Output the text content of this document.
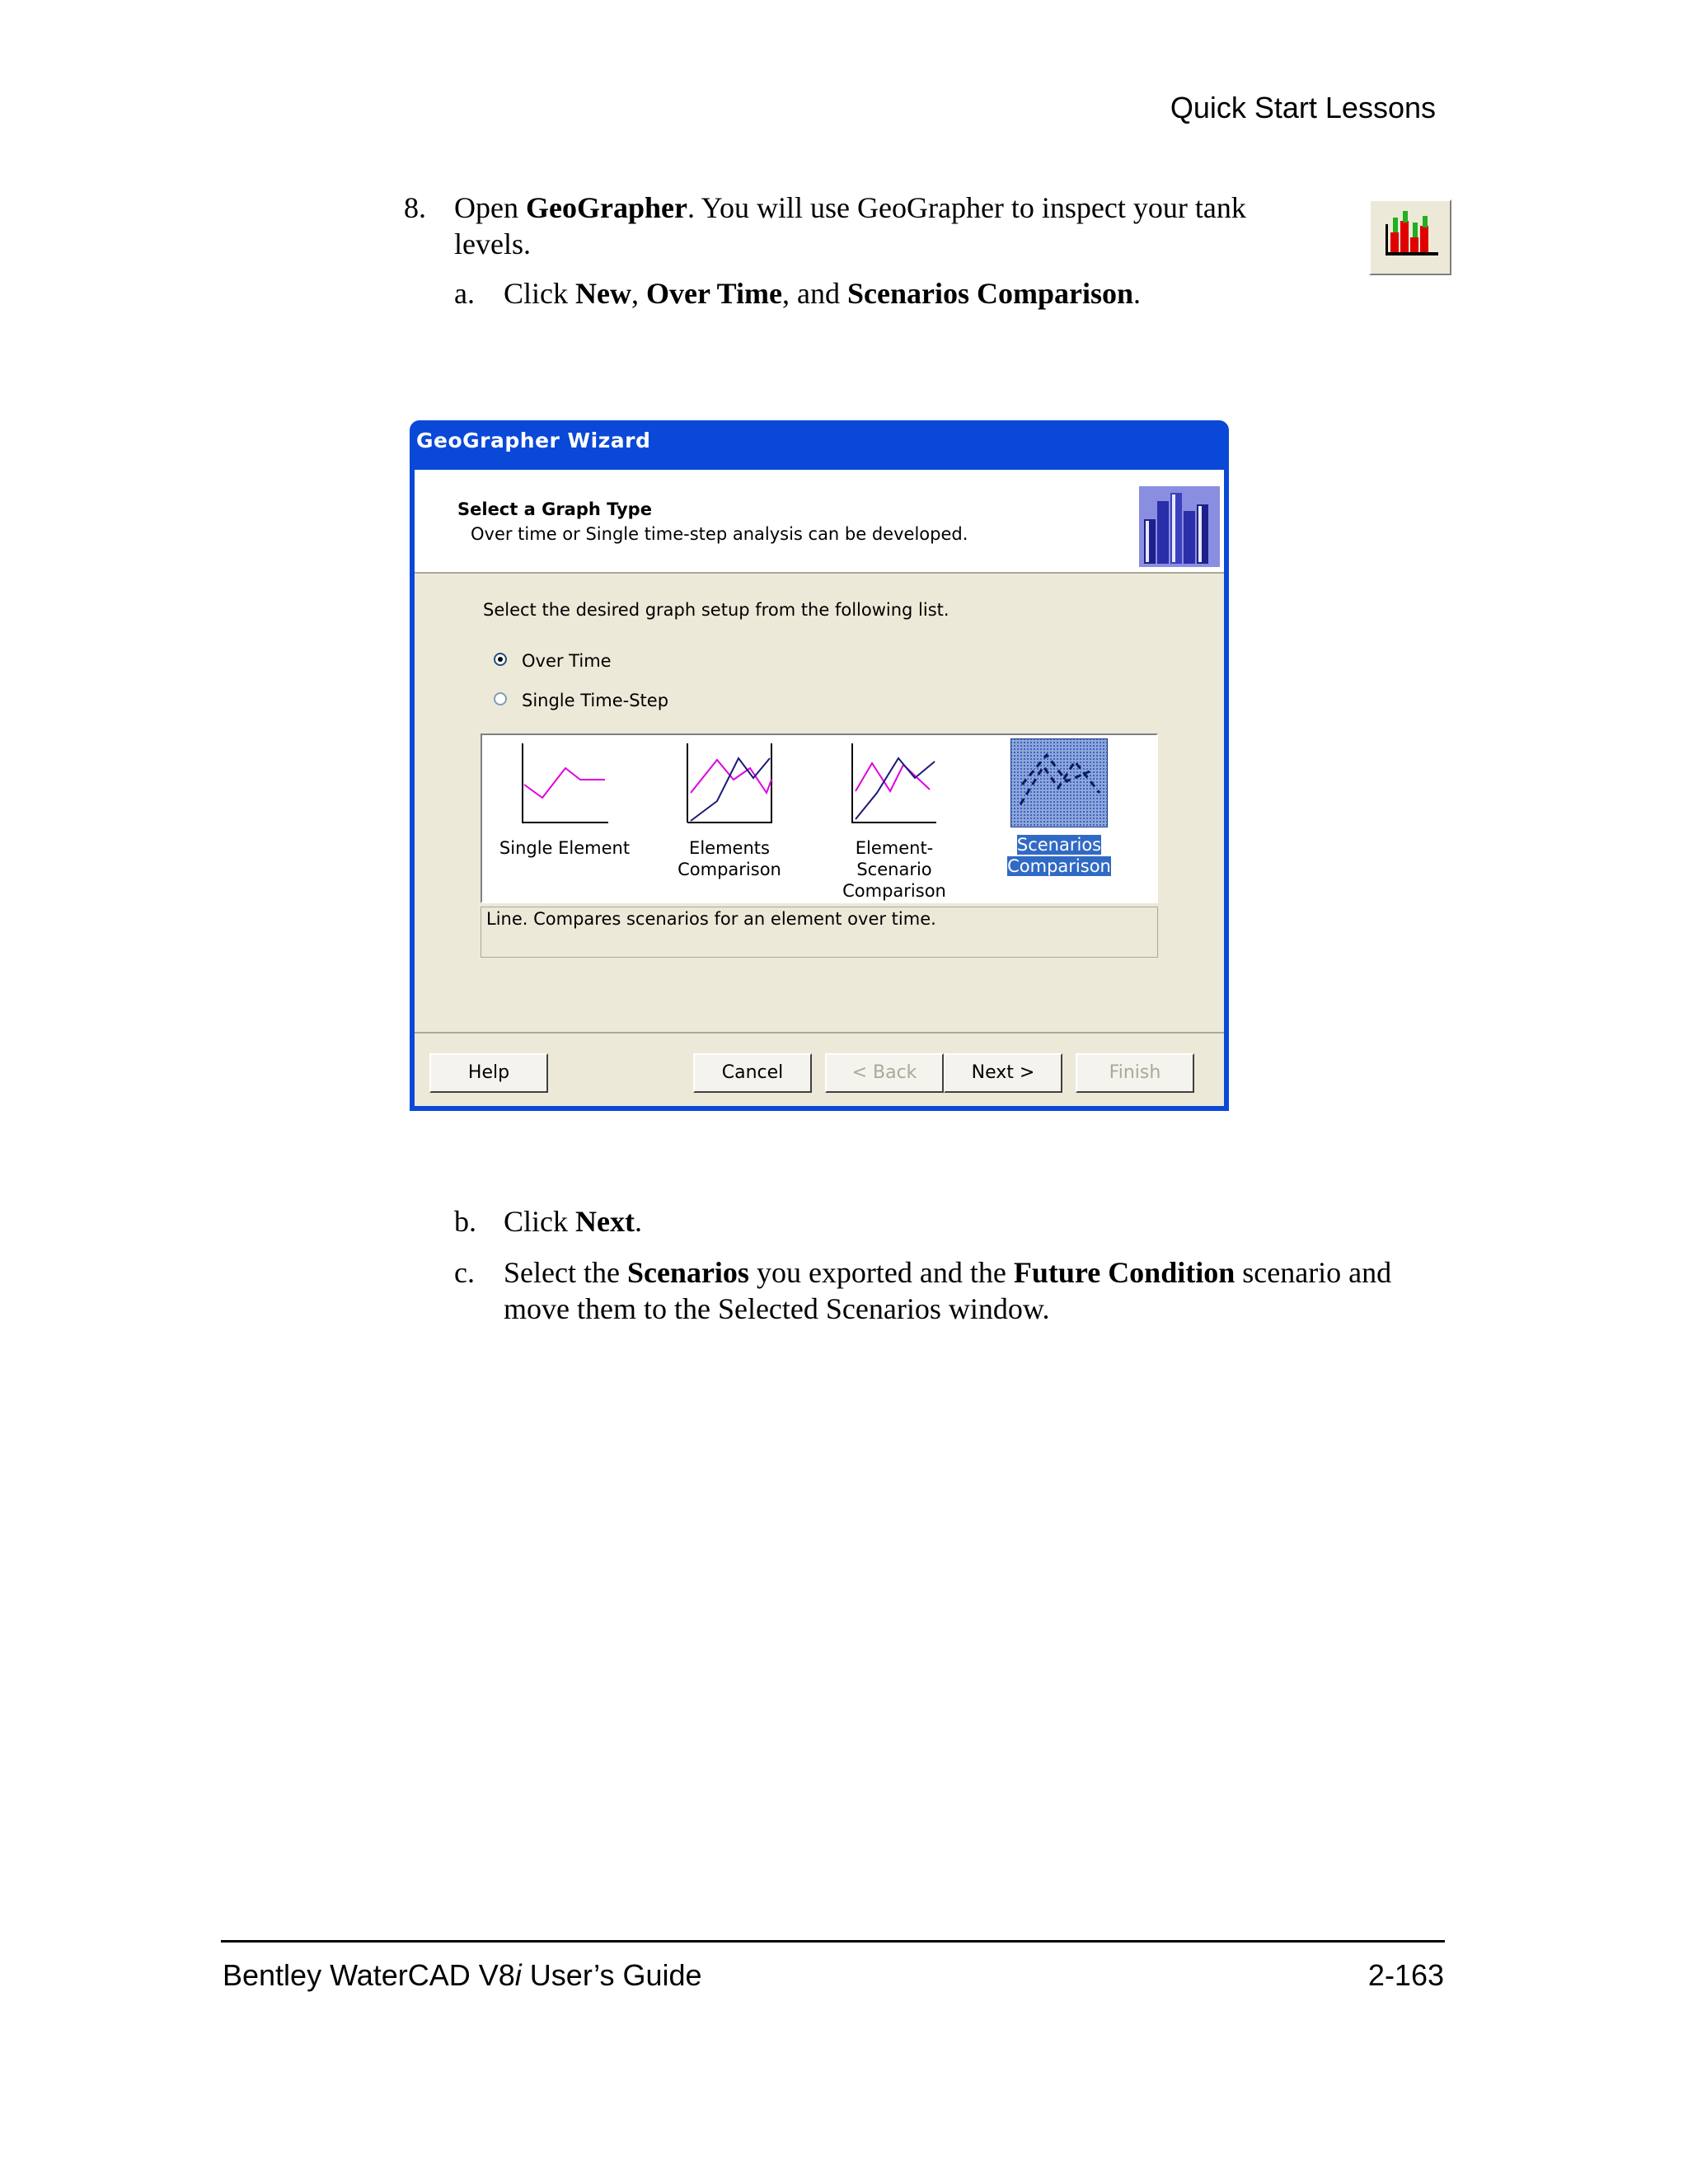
Quick Start Lessons
8. Open GeoGrapher. You will use GeoGrapher to inspect your tank
levels.
a. Click New, Over Time, and Scenarios Comparison.
GeoGrapher Wizard
Select a Graph Type
Over time or Single time-step analysis can be developed.
Select the desired graph setup from the following list.
Over Time
Single Time-Step
Single Element	Elements
Comparison
Element-Scenario
Comparison
Scenarios
Comparison
Line. Compares scenarios for an element over time.
Help	Cancel	< Back	Next >	Finish
b. Click Next.
c. Select the Scenarios you exported and the Future Condition scenario and
move them to the Selected Scenarios window.
Bentley WaterCAD V8i User’s Guide	2-163
